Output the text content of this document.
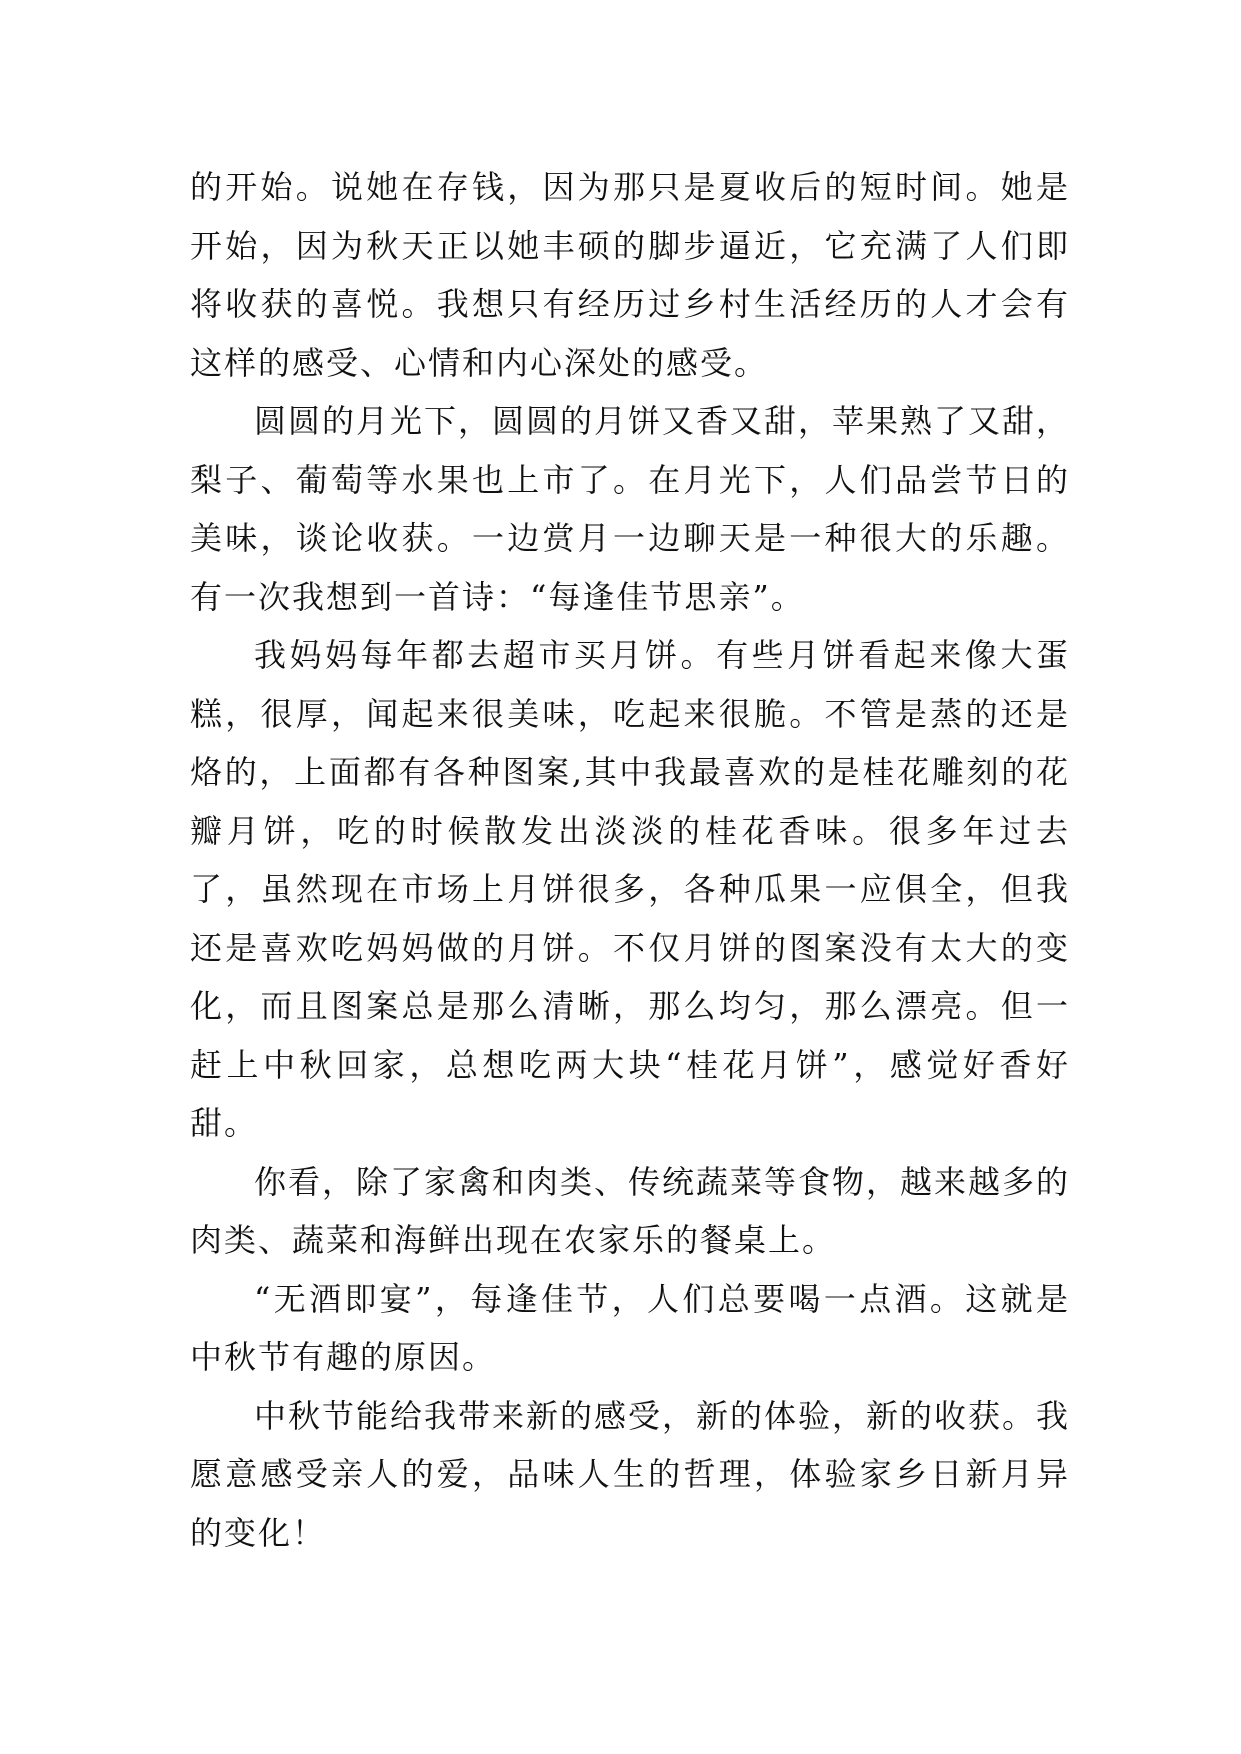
的开始。说她在存钱，因为那只是夏收后的短时间。她是开始，因为秋天正以她丰硕的脚步逼近，它充满了人们即将收获的喜悦。我想只有经历过乡村生活经历的人才会有这样的感受、心情和内心深处的感受。

圆圆的月光下，圆圆的月饼又香又甜，苹果熟了又甜，梨子、葡萄等水果也上市了。在月光下，人们品尝节日的美味，谈论收获。一边赏月一边聊天是一种很大的乐趣。有一次我想到一首诗：“每逢佳节思亲”。

我妈妈每年都去超市买月饼。有些月饼看起来像大蛋糕，很厚，闻起来很美味，吃起来很脆。不管是蒸的还是烙的，上面都有各种图案,其中我最喜欢的是桂花雕刻的花瓣月饼，吃的时候散发出淡淡的桂花香味。很多年过去了，虽然现在市场上月饼很多，各种瓜果一应俱全，但我还是喜欢吃妈妈做的月饼。不仅月饼的图案没有太大的变化，而且图案总是那么清晰，那么均匀，那么漂亮。但一赶上中秋回家，总想吃两大块“桂花月饼”，感觉好香好甜。

你看，除了家禽和肉类、传统蔬菜等食物，越来越多的肉类、蔬菜和海鲜出现在农家乐的餐桌上。

“无酒即宴”，每逢佳节，人们总要喝一点酒。这就是中秋节有趣的原因。

中秋节能给我带来新的感受，新的体验，新的收获。我愿意感受亲人的爱，品味人生的哲理，体验家乡日新月异的变化！
